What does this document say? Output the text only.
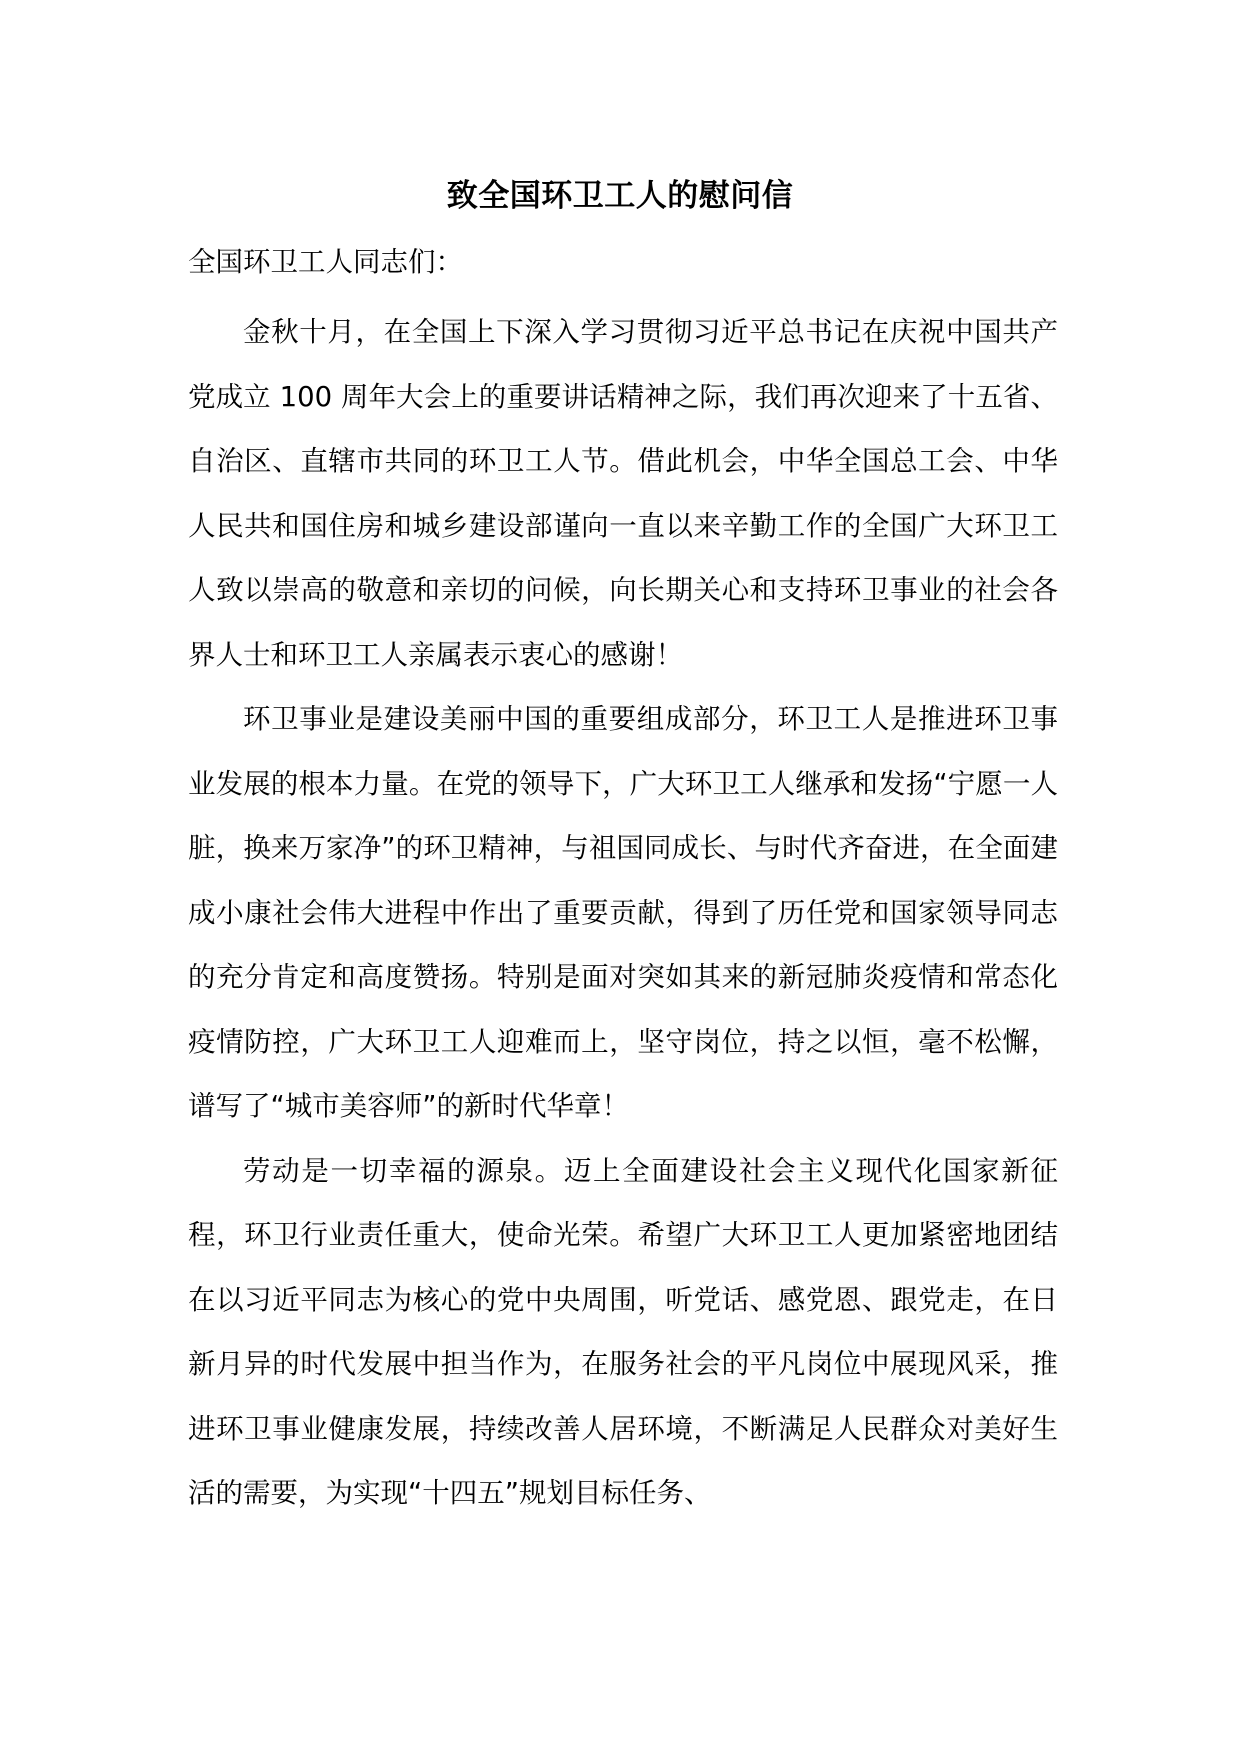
致全国环卫工人的慰问信
全国环卫工人同志们：

金秋十月，在全国上下深入学习贯彻习近平总书记在庆祝中国共产党成立 100 周年大会上的重要讲话精神之际，我们再次迎来了十五省、自治区、直辖市共同的环卫工人节。借此机会，中华全国总工会、中华人民共和国住房和城乡建设部谨向一直以来辛勤工作的全国广大环卫工人致以崇高的敬意和亲切的问候，向长期关心和支持环卫事业的社会各界人士和环卫工人亲属表示衷心的感谢！

环卫事业是建设美丽中国的重要组成部分，环卫工人是推进环卫事业发展的根本力量。在党的领导下，广大环卫工人继承和发扬“宁愿一人脏，换来万家净”的环卫精神，与祖国同成长、与时代齐奋进，在全面建成小康社会伟大进程中作出了重要贡献，得到了历任党和国家领导同志的充分肯定和高度赞扬。特别是面对突如其来的新冠肺炎疫情和常态化疫情防控，广大环卫工人迎难而上，坚守岗位，持之以恒，毫不松懈，谱写了“城市美容师”的新时代华章！

劳动是一切幸福的源泉。迈上全面建设社会主义现代化国家新征程，环卫行业责任重大，使命光荣。希望广大环卫工人更加紧密地团结在以习近平同志为核心的党中央周围，听党话、感党恩、跟党走，在日新月异的时代发展中担当作为，在服务社会的平凡岗位中展现风采，推进环卫事业健康发展，持续改善人居环境，不断满足人民群众对美好生活的需要，为实现“十四五”规划目标任务、
